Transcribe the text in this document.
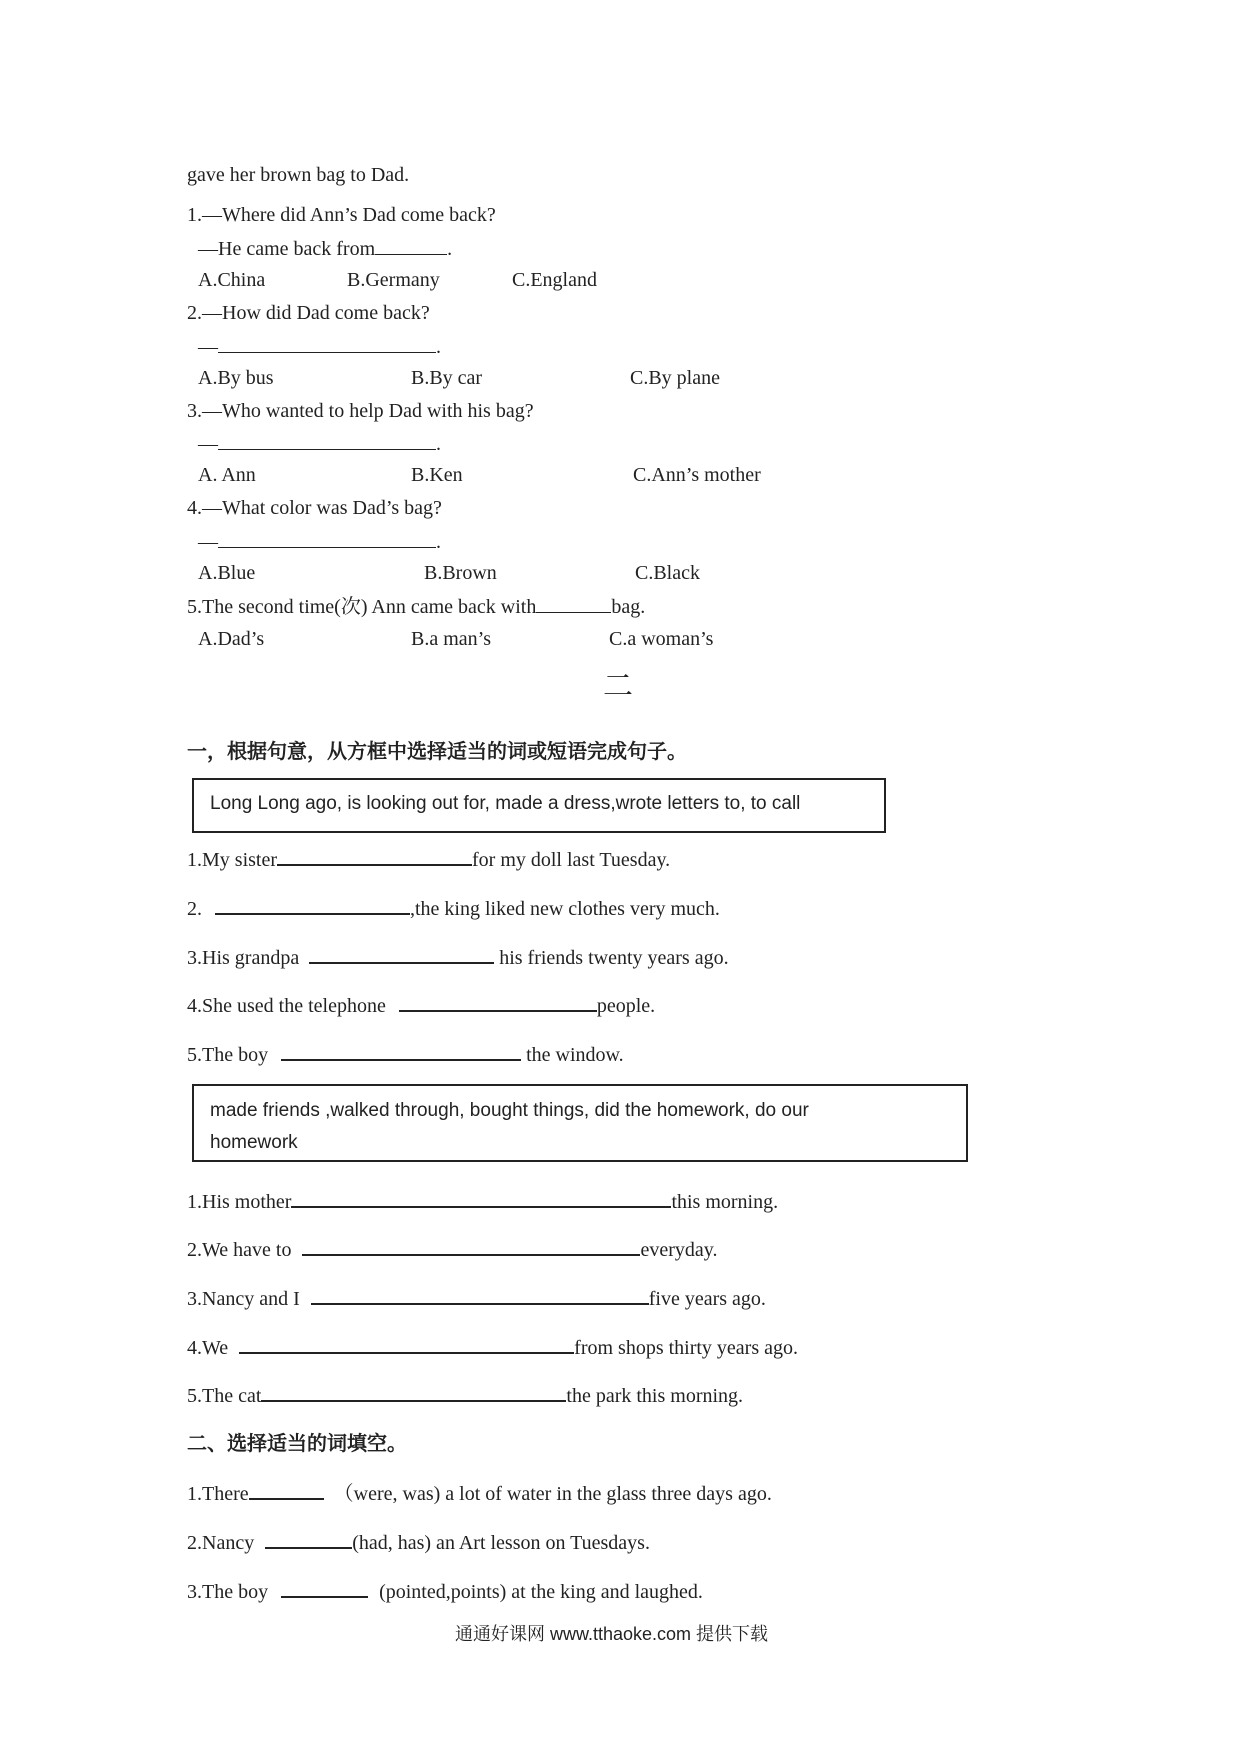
gave her brown bag to Dad.
1.—Where did Ann’s Dad come back?
—He came back from	.
A.China	B.Germany	C.England
2.—How did Dad come back?
—	.
A.By bus	B.By car	C.By plane
3.—Who wanted to help Dad with his bag?
—	.
A. Ann	B.Ken	C.Ann’s mother
4.—What color was Dad’s bag?
—	.
A.Blue	B.Brown	C.Black
5.The second time(次) Ann came back with	bag.
A.Dad’s	B.a man’s	C.a woman’s
二
一，根据句意，从方框中选择适当的词或短语完成句子。
Long Long ago, is looking out for, made a dress,wrote letters to, to call
1.My sister	for my doll last Tuesday.
2.	,the king liked new clothes very much.
3.His grandpa	his friends twenty years ago.
4.She used the telephone	people.
5.The boy	the window.
made friends ,walked through, bought things, did the homework, do our
homework
1.His mother	this morning.
2.We have to	everyday.
3.Nancy and I	five years ago.
4.We	from shops thirty years ago.
5.The cat	the park this morning.
二、选择适当的词填空。
1.There	（were, was) a lot of water in the glass three days ago.
2.Nancy	(had, has) an Art lesson on Tuesdays.
3.The boy	(pointed,points) at the king and laughed.
通通好课网 www.tthaoke.com 提供下载
